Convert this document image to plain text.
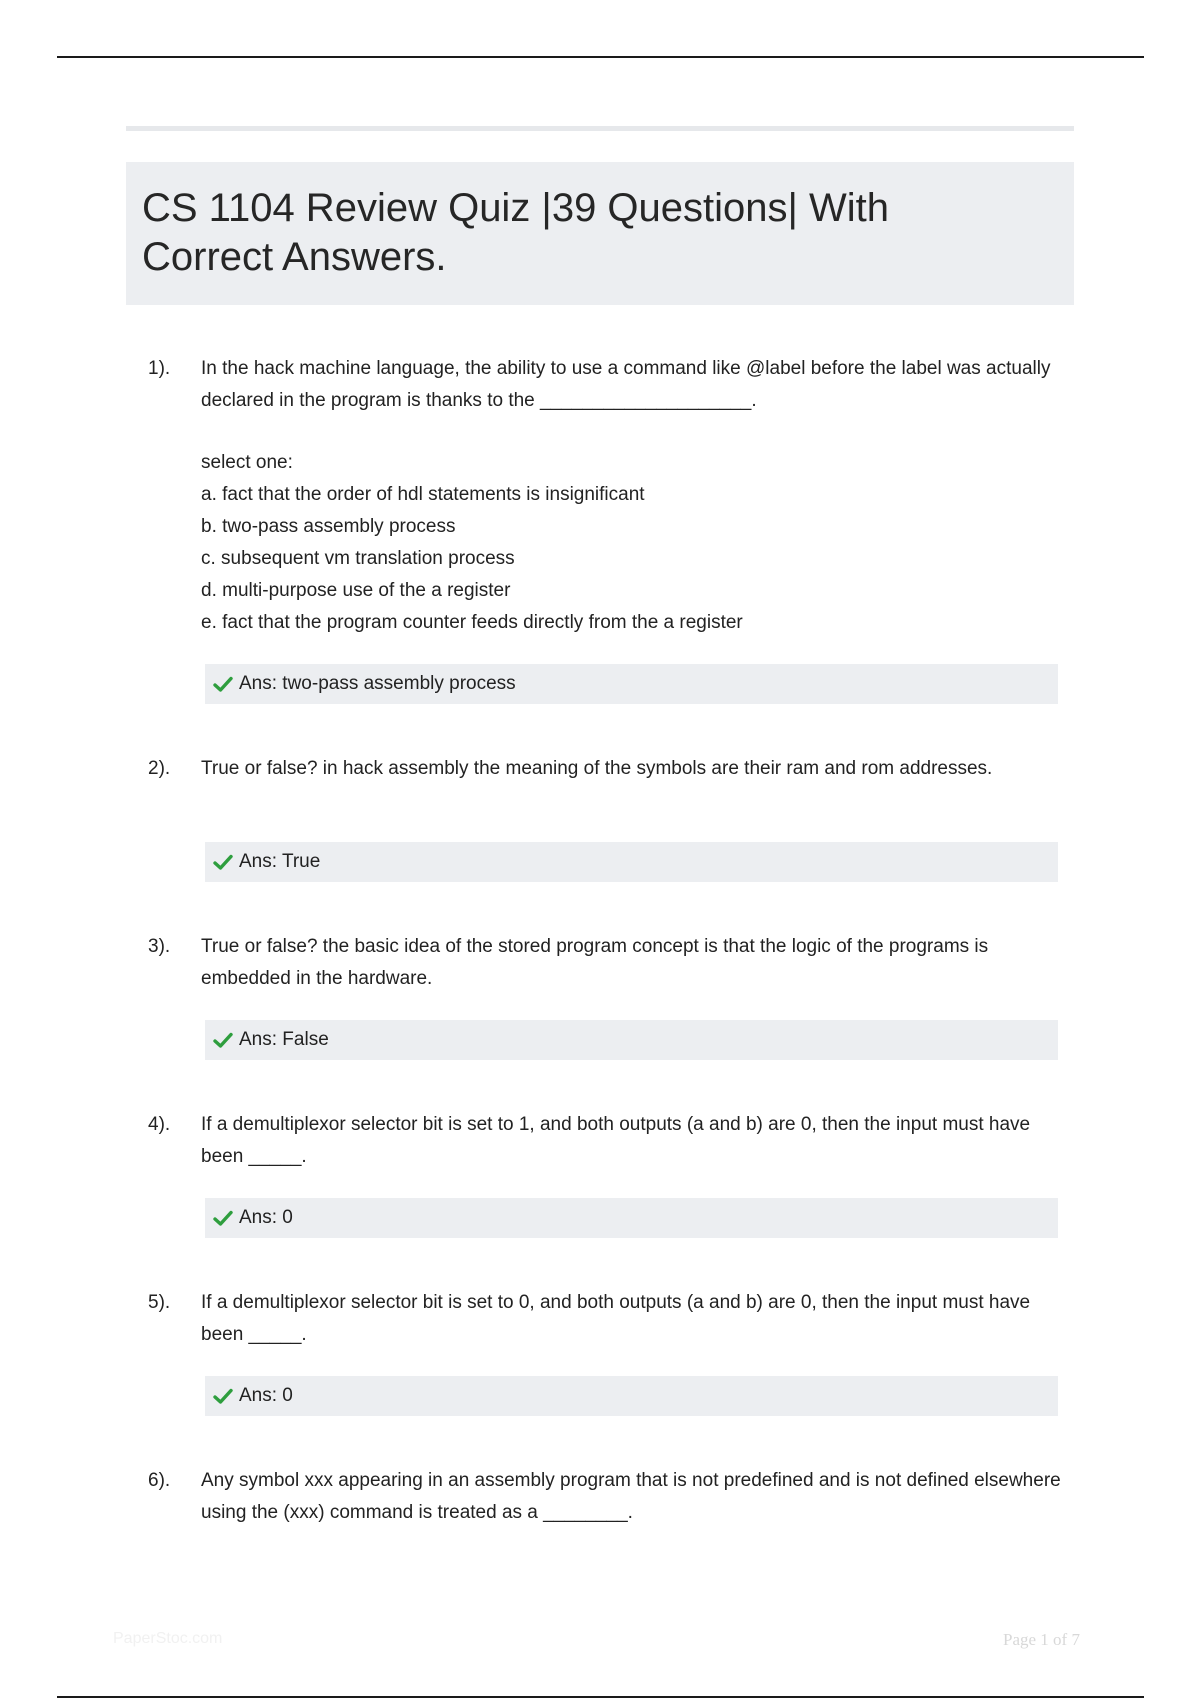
CS 1104 Review Quiz |39 Questions| With Correct Answers.
1). In the hack machine language, the ability to use a command like @label before the label was actually declared in the program is thanks to the ____________________.

select one:
a. fact that the order of hdl statements is insignificant
b. two-pass assembly process
c. subsequent vm translation process
d. multi-purpose use of the a register
e. fact that the program counter feeds directly from the a register
Ans: two-pass assembly process
2). True or false? in hack assembly the meaning of the symbols are their ram and rom addresses.

Ans: True
3). True or false? the basic idea of the stored program concept is that the logic of the programs is embedded in the hardware.

Ans: False
4). If a demultiplexor selector bit is set to 1, and both outputs (a and b) are 0, then the input must have been _____.

Ans: 0
5). If a demultiplexor selector bit is set to 0, and both outputs (a and b) are 0, then the input must have been _____.

Ans: 0
6). Any symbol xxx appearing in an assembly program that is not predefined and is not defined elsewhere using the (xxx) command is treated as a ________.

PaperStoc.com	Page 1 of 7
